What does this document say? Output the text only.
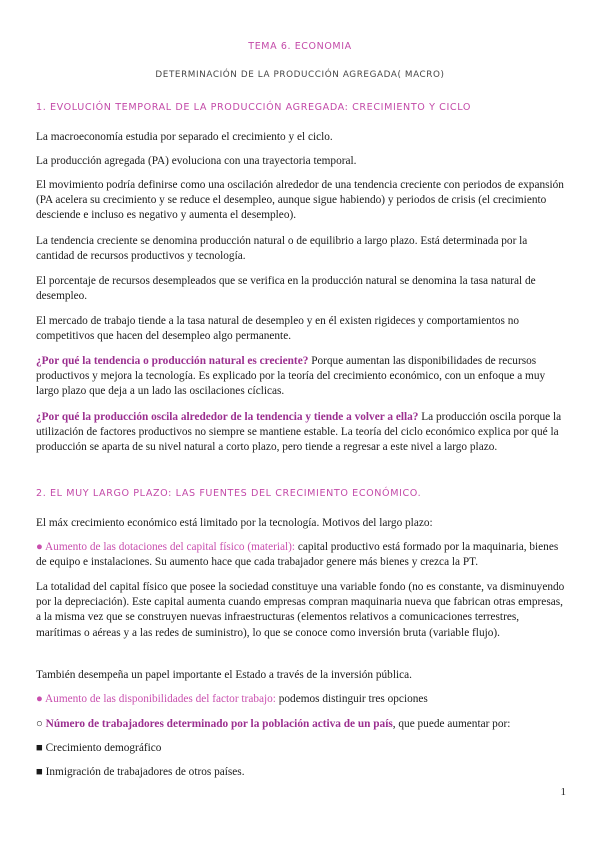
TEMA 6. ECONOMIA
DETERMINACIÓN DE LA PRODUCCIÓN AGREGADA( MACRO)
1. EVOLUCIÓN TEMPORAL DE LA PRODUCCIÓN AGREGADA: CRECIMIENTO Y CICLO

La macroeconomía estudia por separado el crecimiento y el ciclo.

La producción agregada (PA) evoluciona con una trayectoria temporal.

El movimiento podría definirse como una oscilación alrededor de una tendencia creciente con periodos de expansión (PA acelera su crecimiento y se reduce el desempleo, aunque sigue habiendo) y periodos de crisis (el crecimiento desciende e incluso es negativo y aumenta el desempleo).

La tendencia creciente se denomina producción natural o de equilibrio a largo plazo. Está determinada por la cantidad de recursos productivos y tecnología.

El porcentaje de recursos desempleados que se verifica en la producción natural se denomina la tasa natural de desempleo.

El mercado de trabajo tiende a la tasa natural de desempleo y en él existen rigideces y comportamientos no competitivos que hacen del desempleo algo permanente.

¿Por qué la tendencia o producción natural es creciente? Porque aumentan las disponibilidades de recursos productivos y mejora la tecnología. Es explicado por la teoría del crecimiento económico, con un enfoque a muy largo plazo que deja a un lado las oscilaciones cíclicas.

¿Por qué la producción oscila alrededor de la tendencia y tiende a volver a ella? La producción oscila porque la utilización de factores productivos no siempre se mantiene estable. La teoría del ciclo económico explica por qué la producción se aparta de su nivel natural a corto plazo, pero tiende a regresar a este nivel a largo plazo.

2. EL MUY LARGO PLAZO: LAS FUENTES DEL CRECIMIENTO ECONÓMICO.

El máx crecimiento económico está limitado por la tecnología. Motivos del largo plazo:

● Aumento de las dotaciones del capital físico (material): capital productivo está formado por la maquinaria, bienes de equipo e instalaciones. Su aumento hace que cada trabajador genere más bienes y crezca la PT.

La totalidad del capital físico que posee la sociedad constituye una variable fondo (no es constante, va disminuyendo por la depreciación). Este capital aumenta cuando empresas compran maquinaria nueva que fabrican otras empresas, a la misma vez que se construyen nuevas infraestructuras (elementos relativos a comunicaciones terrestres, marítimas o aéreas y a las redes de suministro), lo que se conoce como inversión bruta (variable flujo).

También desempeña un papel importante el Estado a través de la inversión pública.

● Aumento de las disponibilidades del factor trabajo: podemos distinguir tres opciones

○ Número de trabajadores determinado por la población activa de un país, que puede aumentar por:

■ Crecimiento demográfico

■ Inmigración de trabajadores de otros países.

1
